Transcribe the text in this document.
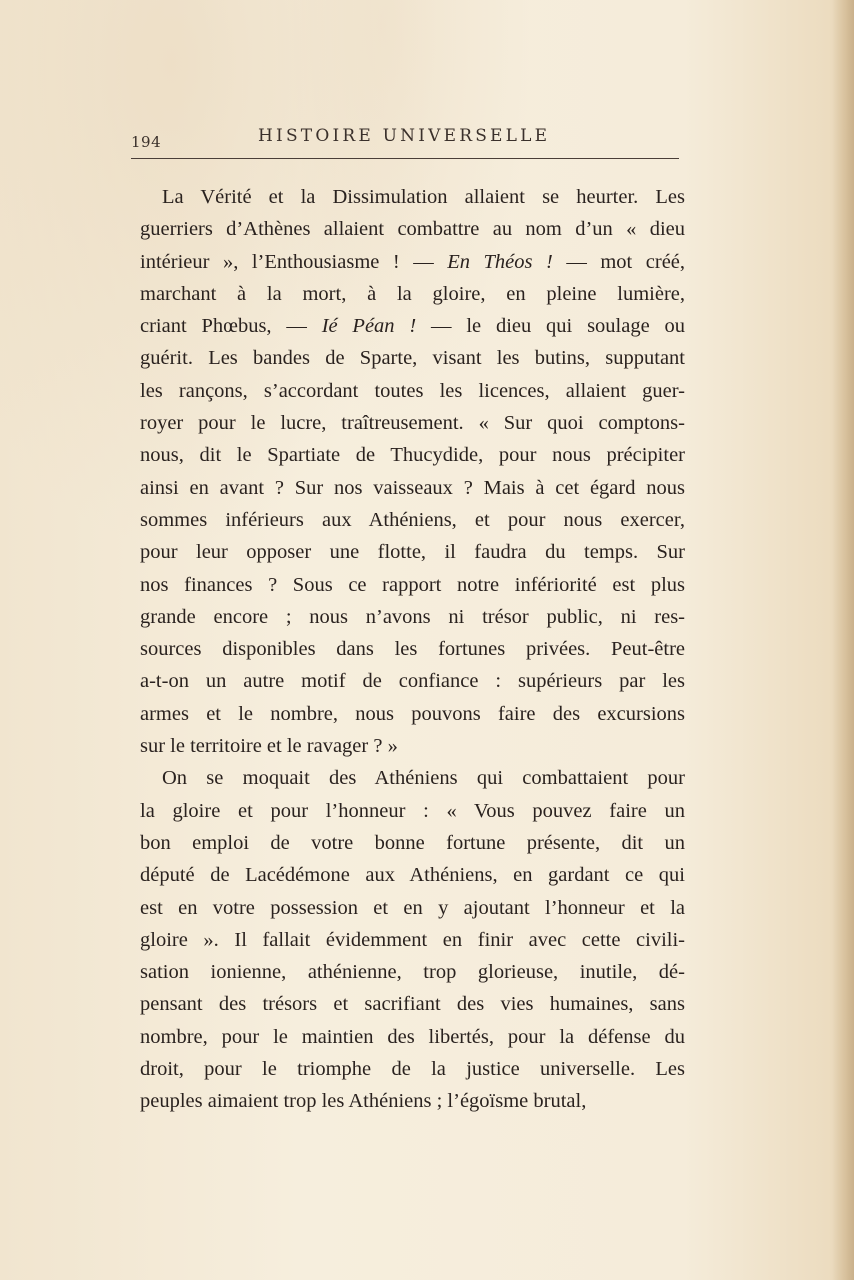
194	HISTOIRE UNIVERSELLE
La Vérité et la Dissimulation allaient se heurter. Les
guerriers d’Athènes allaient combattre au nom d’un « dieu
intérieur », l’Enthousiasme ! — En Théos ! — mot créé,
marchant à la mort, à la gloire, en pleine lumière,
criant Phœbus, — Ié Péan ! — le dieu qui soulage ou
guérit. Les bandes de Sparte, visant les butins, supputant
les rançons, s’accordant toutes les licences, allaient guer-
royer pour le lucre, traîtreusement. « Sur quoi comptons-
nous, dit le Spartiate de Thucydide, pour nous précipiter
ainsi en avant ? Sur nos vaisseaux ? Mais à cet égard nous
sommes inférieurs aux Athéniens, et pour nous exercer,
pour leur opposer une flotte, il faudra du temps. Sur
nos finances ? Sous ce rapport notre infériorité est plus
grande encore ; nous n’avons ni trésor public, ni res-
sources disponibles dans les fortunes privées. Peut-être
a-t-on un autre motif de confiance : supérieurs par les
armes et le nombre, nous pouvons faire des excursions
sur le territoire et le ravager ? »
On se moquait des Athéniens qui combattaient pour
la gloire et pour l’honneur : « Vous pouvez faire un
bon emploi de votre bonne fortune présente, dit un
député de Lacédémone aux Athéniens, en gardant ce qui
est en votre possession et en y ajoutant l’honneur et la
gloire ». Il fallait évidemment en finir avec cette civili-
sation ionienne, athénienne, trop glorieuse, inutile, dé-
pensant des trésors et sacrifiant des vies humaines, sans
nombre, pour le maintien des libertés, pour la défense du
droit, pour le triomphe de la justice universelle. Les
peuples aimaient trop les Athéniens ; l’égoïsme brutal,
